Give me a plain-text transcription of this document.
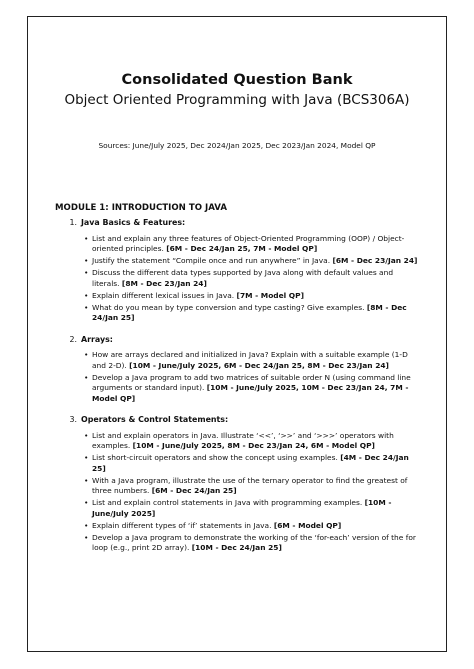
Consolidated Question Bank

Object Oriented Programming with Java (BCS306A)

Sources: June/July 2025, Dec 2024/Jan 2025, Dec 2023/Jan 2024, Model QP

MODULE 1: INTRODUCTION TO JAVA
1. Java Basics & Features:
• List and explain any three features of Object-Oriented Programming (OOP) / Object-oriented principles. [6M - Dec 24/Jan 25, 7M - Model QP]
• Justify the statement “Compile once and run anywhere” in Java. [6M - Dec 23/Jan 24]
• Discuss the different data types supported by Java along with default values and literals. [8M - Dec 23/Jan 24]
• Explain different lexical issues in Java. [7M - Model QP]
• What do you mean by type conversion and type casting? Give examples. [8M - Dec 24/Jan 25]
2. Arrays:
• How are arrays declared and initialized in Java? Explain with a suitable example (1-D and 2-D). [10M - June/July 2025, 6M - Dec 24/Jan 25, 8M - Dec 23/Jan 24]
• Develop a Java program to add two matrices of suitable order N (using command line arguments or standard input). [10M - June/July 2025, 10M - Dec 23/Jan 24, 7M - Model QP]
3. Operators & Control Statements:
• List and explain operators in Java. Illustrate ‘<<’, ‘>>’ and ‘>>>’ operators with examples. [10M - June/July 2025, 8M - Dec 23/Jan 24, 6M - Model QP]
• List short-circuit operators and show the concept using examples. [4M - Dec 24/Jan 25]
• With a Java program, illustrate the use of the ternary operator to find the greatest of three numbers. [6M - Dec 24/Jan 25]
• List and explain control statements in Java with programming examples. [10M - June/July 2025]
• Explain different types of ‘if’ statements in Java. [6M - Model QP]
• Develop a Java program to demonstrate the working of the ‘for-each’ version of the for loop (e.g., print 2D array). [10M - Dec 24/Jan 25]
